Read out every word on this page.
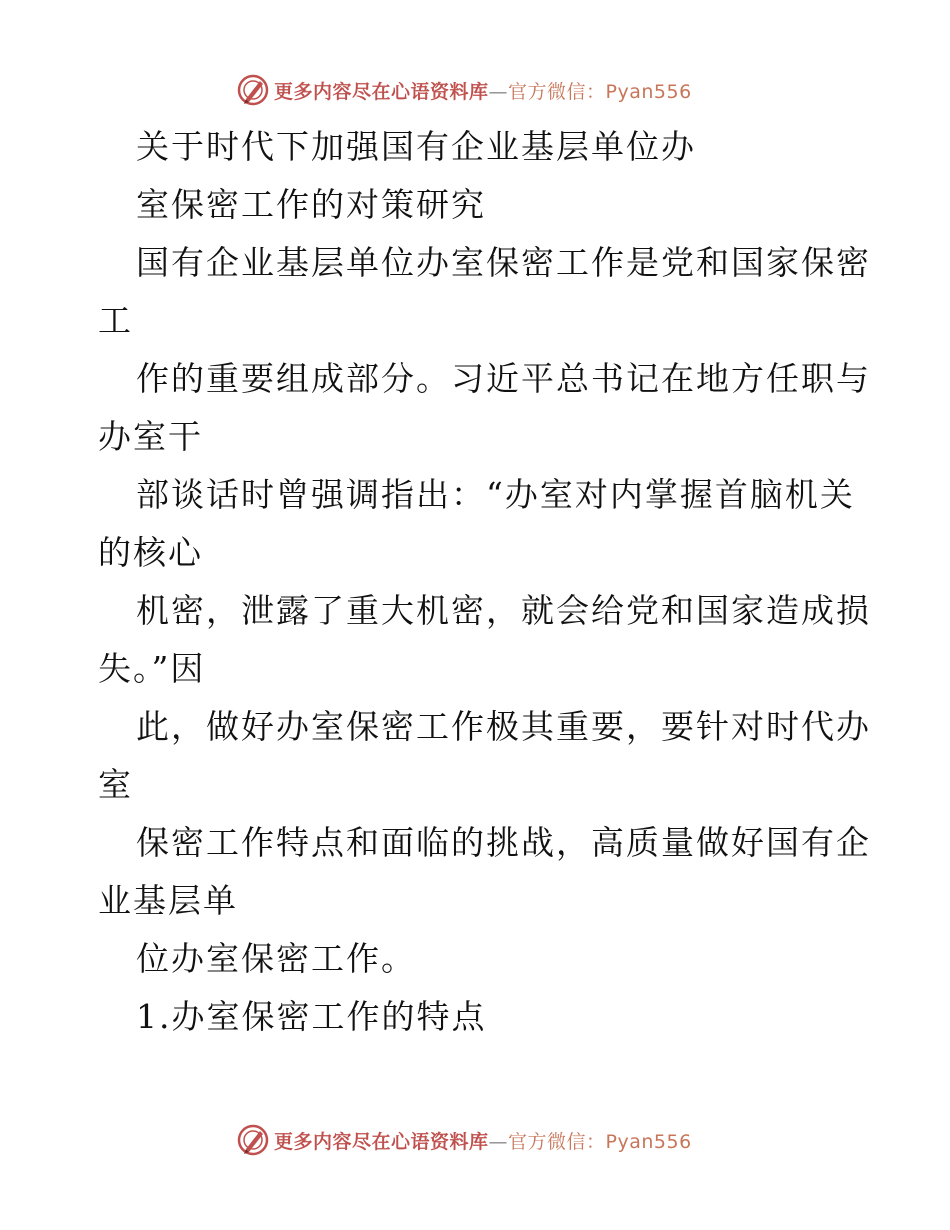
更多内容尽在心语资料库—官方微信：Pyan556
关于时代下加强国有企业基层单位办
室保密工作的对策研究
国有企业基层单位办室保密工作是党和国家保密
工
作的重要组成部分。习近平总书记在地方任职与
办室干
部谈话时曾强调指出：“办室对内掌握首脑机关
的核心
机密，泄露了重大机密，就会给党和国家造成损
失。”因
此，做好办室保密工作极其重要，要针对时代办
室
保密工作特点和面临的挑战，高质量做好国有企
业基层单
位办室保密工作。
1.办室保密工作的特点
更多内容尽在心语资料库—官方微信：Pyan556
